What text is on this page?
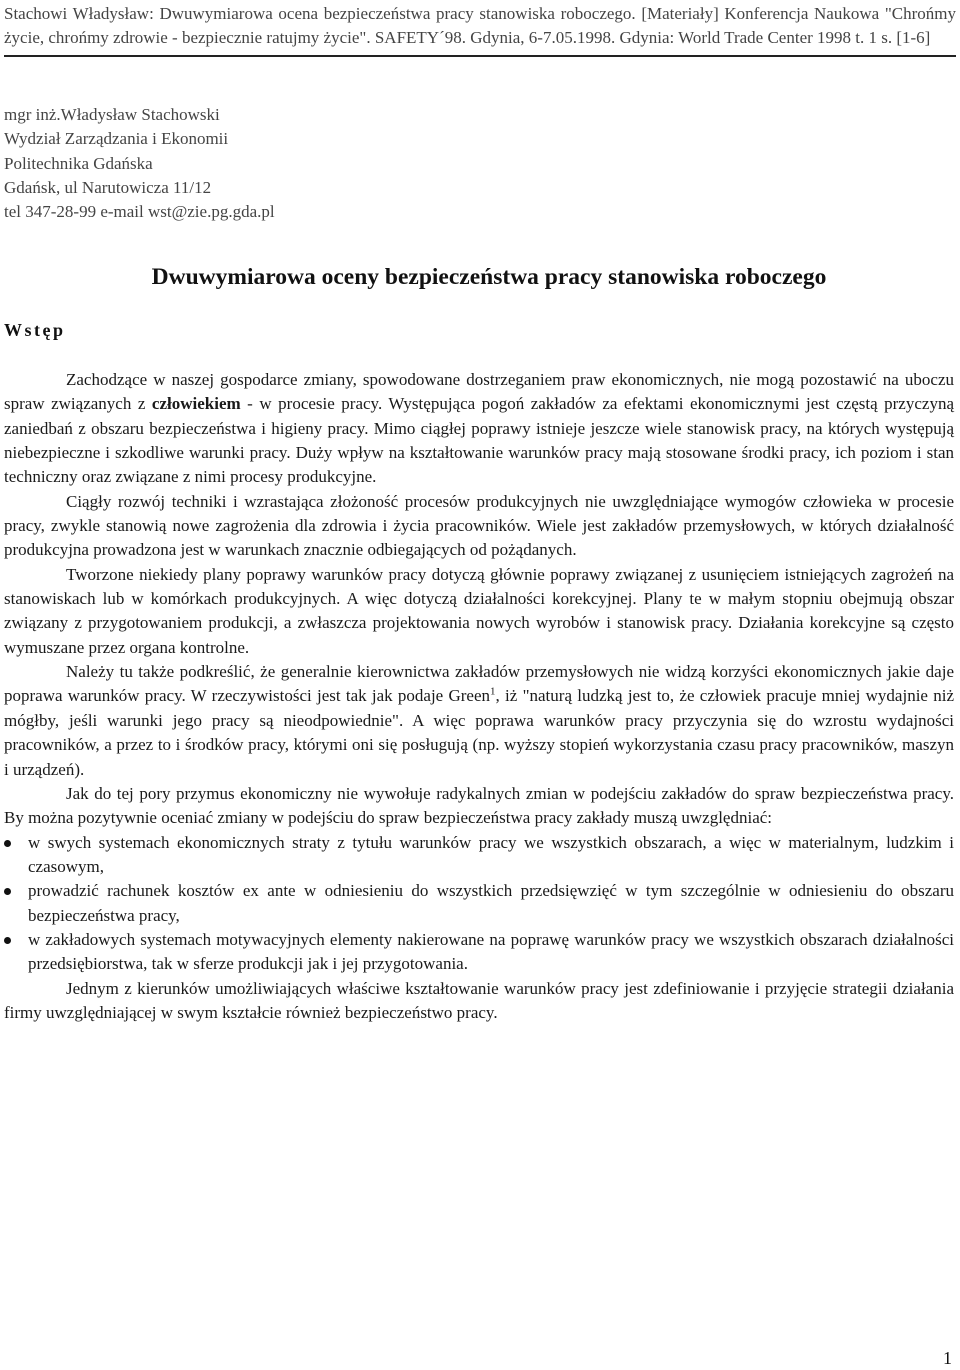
Stachowi Władysław: Dwuwymiarowa ocena bezpieczeństwa pracy stanowiska roboczego. [Materiały] Konferencja Naukowa "Chrońmy życie, chrońmy zdrowie - bezpiecznie ratujmy życie". SAFETY´98. Gdynia, 6-7.05.1998. Gdynia: World Trade Center 1998 t. 1 s. [1-6]
mgr inż.Władysław Stachowski
Wydział Zarządzania i Ekonomii
Politechnika Gdańska
Gdańsk, ul Narutowicza 11/12
tel 347-28-99 e-mail wst@zie.pg.gda.pl
Dwuwymiarowa oceny bezpieczeństwa pracy stanowiska roboczego
Wstęp

Zachodzące w naszej gospodarce zmiany, spowodowane dostrzeganiem praw ekonomicznych, nie mogą pozostawić na uboczu spraw związanych z człowiekiem - w procesie pracy. Występująca pogoń zakładów za efektami ekonomicznymi jest częstą przyczyną zaniedbań z obszaru bezpieczeństwa i higieny pracy. Mimo ciągłej poprawy istnieje jeszcze wiele stanowisk pracy, na których występują niebezpieczne i szkodliwe warunki pracy. Duży wpływ na kształtowanie warunków pracy mają stosowane środki pracy, ich poziom i stan techniczny oraz związane z nimi procesy produkcyjne.

Ciągły rozwój techniki i wzrastająca złożoność procesów produkcyjnych nie uwzględniające wymogów człowieka w procesie pracy, zwykle stanowią nowe zagrożenia dla zdrowia i życia pracowników. Wiele jest zakładów przemysłowych, w których działalność produkcyjna prowadzona jest w warunkach znacznie odbiegających od pożądanych.

Tworzone niekiedy plany poprawy warunków pracy dotyczą głównie poprawy związanej z usunięciem istniejących zagrożeń na stanowiskach lub w komórkach produkcyjnych. A więc dotyczą działalności korekcyjnej. Plany te w małym stopniu obejmują obszar związany z przygotowaniem produkcji, a zwłaszcza projektowania nowych wyrobów i stanowisk pracy. Działania korekcyjne są często wymuszane przez organa kontrolne.

Należy tu także podkreślić, że generalnie kierownictwa zakładów przemysłowych nie widzą korzyści ekonomicznych jakie daje poprawa warunków pracy. W rzeczywistości jest tak jak podaje Green$^1$, iż "naturą ludzką jest to, że człowiek pracuje mniej wydajnie niż mógłby, jeśli warunki jego pracy są nieodpowiednie". A więc poprawa warunków pracy przyczynia się do wzrostu wydajności pracowników, a przez to i środków pracy, którymi oni się posługują (np. wyższy stopień wykorzystania czasu pracy pracowników, maszyn i urządzeń).

Jak do tej pory przymus ekonomiczny nie wywołuje radykalnych zmian w podejściu zakładów do spraw bezpieczeństwa pracy. By można pozytywnie oceniać zmiany w podejściu do spraw bezpieczeństwa pracy zakłady muszą uwzględniać:

w swych systemach ekonomicznych straty z tytułu warunków pracy we wszystkich obszarach, a więc w materialnym, ludzkim i czasowym,
prowadzić rachunek kosztów ex ante w odniesieniu do wszystkich przedsięwzięć w tym szczególnie w odniesieniu do obszaru bezpieczeństwa pracy,
w zakładowych systemach motywacyjnych elementy nakierowane na poprawę warunków pracy we wszystkich obszarach działalności przedsiębiorstwa, tak w sferze produkcji jak i jej przygotowania.

Jednym z kierunków umożliwiających właściwe kształtowanie warunków pracy jest zdefiniowanie i przyjęcie strategii działania firmy uwzględniającej w swym kształcie również bezpieczeństwo pracy.

1
